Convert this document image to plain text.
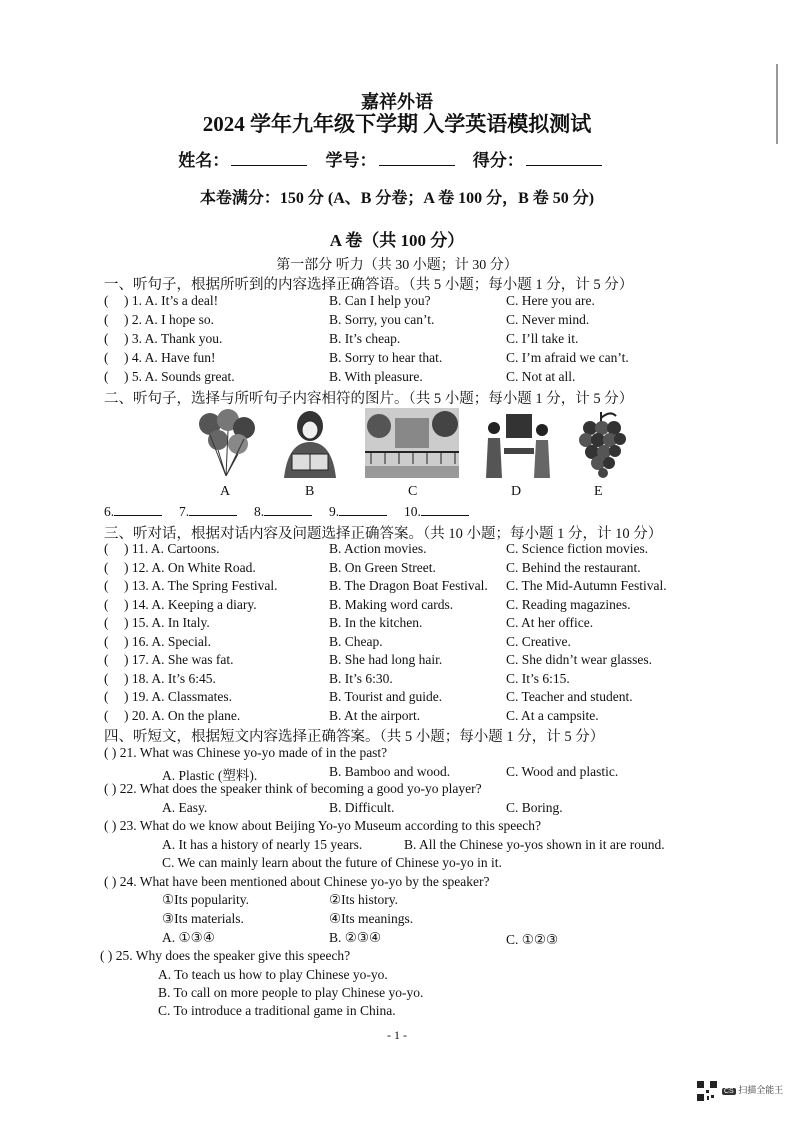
嘉祥外语
2024 学年九年级下学期 入学英语模拟测试
姓名：	学号：	得分：
本卷满分：150 分 (A、B 分卷；A 卷 100 分，B 卷 50 分)
A 卷（共 100 分）
第一部分 听力（共 30 小题；计 30 分）
一、听句子，根据所听到的内容选择正确答语。（共 5 小题；每小题 1 分，计 5 分）
( ) 1. A. It’s a deal!	B. Can I help you?	C. Here you are.
( ) 2. A. I hope so.	B. Sorry, you can’t.	C. Never mind.
( ) 3. A. Thank you.	B. It’s cheap.	C. I’ll take it.
( ) 4. A. Have fun!	B. Sorry to hear that.	C. I’m afraid we can’t.
( ) 5. A. Sounds great.	B. With pleasure.	C. Not at all.
二、听句子，选择与所听句子内容相符的图片。（共 5 小题；每小题 1 分，计 5 分）
A	B	C	D	E
6.	7.	8.	9.	10.
三、听对话，根据对话内容及问题选择正确答案。（共 10 小题；每小题 1 分，计 10 分）
( ) 11. A. Cartoons.	B. Action movies.	C. Science fiction movies.
( ) 12. A. On White Road.	B. On Green Street.	C. Behind the restaurant.
( ) 13. A. The Spring Festival.	B. The Dragon Boat Festival. C. The Mid-Autumn Festival.
( ) 14. A. Keeping a diary.	B. Making word cards.	C. Reading magazines.
( ) 15. A. In Italy.	B. In the kitchen.	C. At her office.
( ) 16. A. Special.	B. Cheap.	C. Creative.
( ) 17. A. She was fat.	B. She had long hair.	C. She didn’t wear glasses.
( ) 18. A. It’s 6:45.	B. It’s 6:30.	C. It’s 6:15.
( ) 19. A. Classmates.	B. Tourist and guide.	C. Teacher and student.
( ) 20. A. On the plane.	B. At the airport.	C. At a campsite.
四、听短文，根据短文内容选择正确答案。（共 5 小题；每小题 1 分，计 5 分）
( ) 21. What was Chinese yo-yo made of in the past?
A. Plastic (塑料).	B. Bamboo and wood.	C. Wood and plastic.
( ) 22. What does the speaker think of becoming a good yo-yo player?
A. Easy.	B. Difficult.	C. Boring.
( ) 23. What do we know about Beijing Yo-yo Museum according to this speech?
A. It has a history of nearly 15 years.	B. All the Chinese yo-yos shown in it are round.
C. We can mainly learn about the future of Chinese yo-yo in it.
( ) 24. What have been mentioned about Chinese yo-yo by the speaker?
①Its popularity.	②Its history.
③Its materials.	④Its meanings.
A. ①③④	B. ②③④	C. ①②③
( ) 25. Why does the speaker give this speech?
A. To teach us how to play Chinese yo-yo.
B. To call on more people to play Chinese yo-yo.
C. To introduce a traditional game in China.
- 1 -
CS 扫描全能王
